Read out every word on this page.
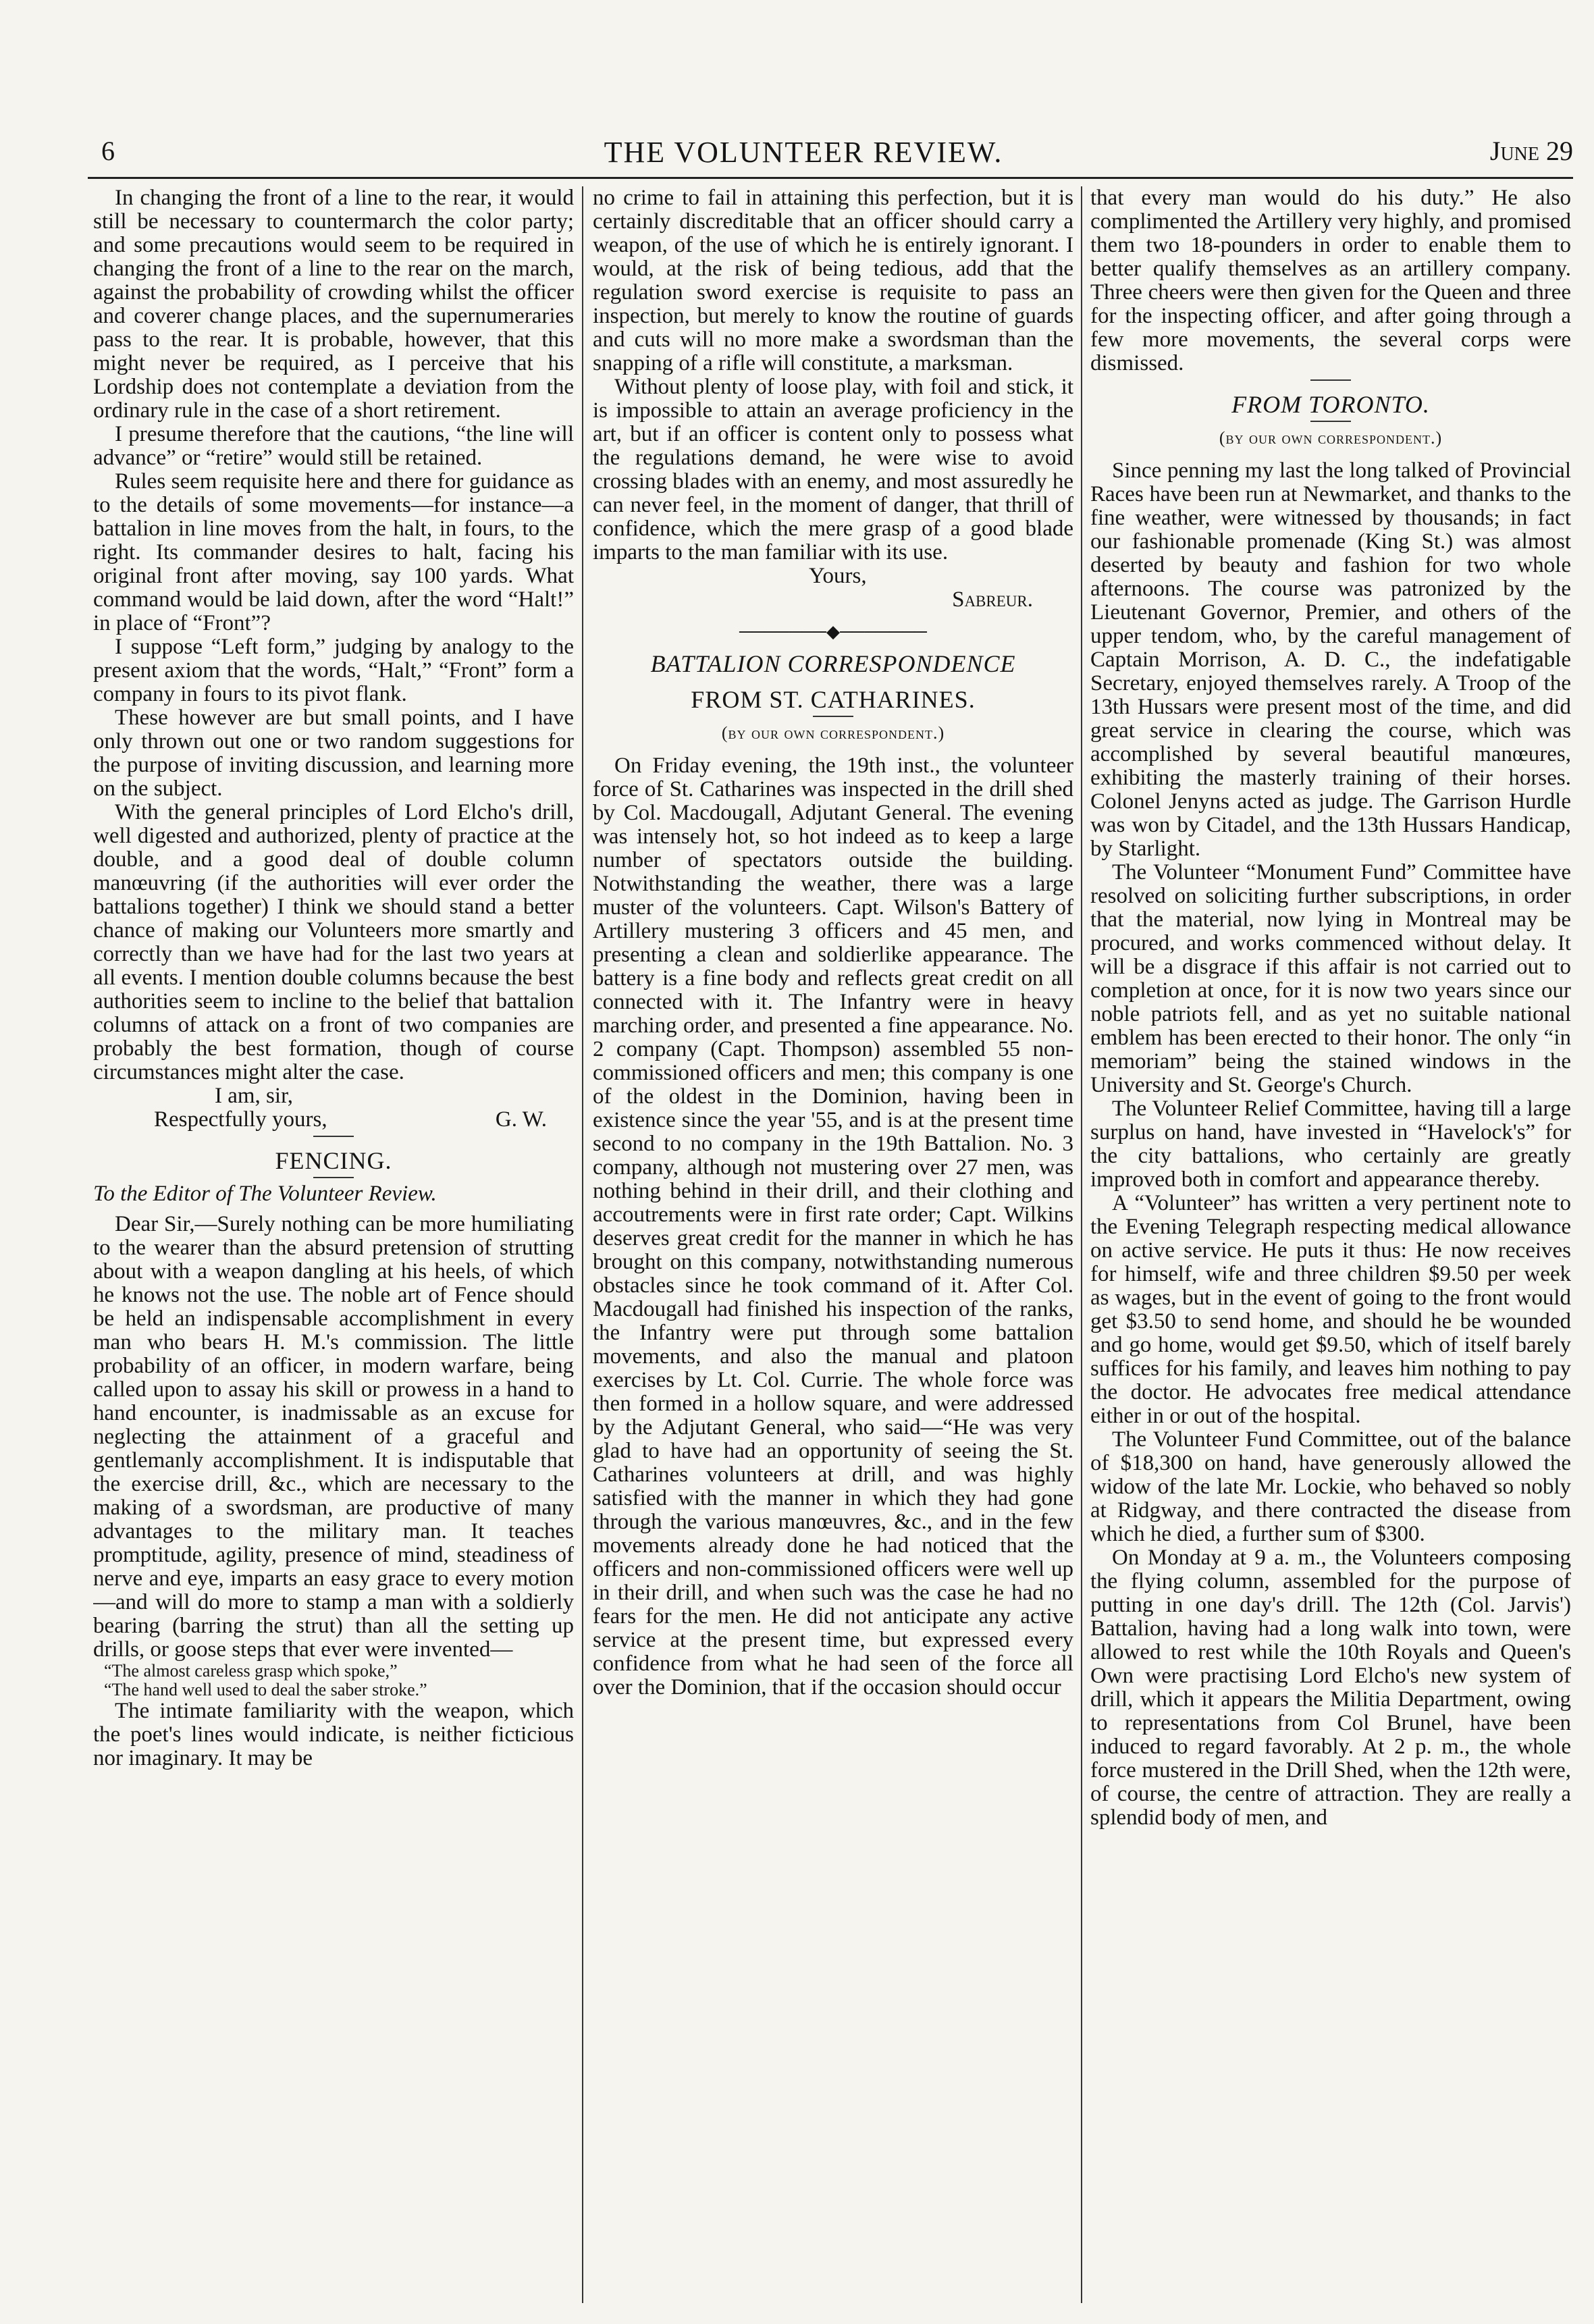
6	THE VOLUNTEER REVIEW.	June 29

In changing the front of a line to the rear, it would still be necessary to countermarch the color party; and some precautions would seem to be required in changing the front of a line to the rear on the march, against the probability of crowding whilst the officer and coverer change places, and the supernumeraries pass to the rear. It is probable, however, that this might never be required, as I perceive that his Lordship does not contemplate a deviation from the ordinary rule in the case of a short retirement.

I presume therefore that the cautions, “the line will advance” or “retire” would still be retained.

Rules seem requisite here and there for guidance as to the details of some movements—for instance—a battalion in line moves from the halt, in fours, to the right. Its commander desires to halt, facing his original front after moving, say 100 yards. What command would be laid down, after the word “Halt!” in place of “Front”?

I suppose “Left form,” judging by analogy to the present axiom that the words, “Halt,” “Front” form a company in fours to its pivot flank.

These however are but small points, and I have only thrown out one or two random suggestions for the purpose of inviting discussion, and learning more on the subject.

With the general principles of Lord Elcho's drill, well digested and authorized, plenty of practice at the double, and a good deal of double column manœuvring (if the authorities will ever order the battalions together) I think we should stand a better chance of making our Volunteers more smartly and correctly than we have had for the last two years at all events. I mention double columns because the best authorities seem to incline to the belief that battalion columns of attack on a front of two companies are probably the best formation, though of course circumstances might alter the case.

I am, sir,

Respectfully yours,	G. W.
FENCING.

To the Editor of The Volunteer Review.

Dear Sir,—Surely nothing can be more humiliating to the wearer than the absurd pretension of strutting about with a weapon dangling at his heels, of which he knows not the use. The noble art of Fence should be held an indispensable accomplishment in every man who bears H. M.'s commission. The little probability of an officer, in modern warfare, being called upon to assay his skill or prowess in a hand to hand encounter, is inadmissable as an excuse for neglecting the attainment of a graceful and gentlemanly accomplishment. It is indisputable that the exercise drill, &c., which are necessary to the making of a swordsman, are productive of many advantages to the military man. It teaches promptitude, agility, presence of mind, steadiness of nerve and eye, imparts an easy grace to every motion—and will do more to stamp a man with a soldierly bearing (barring the strut) than all the setting up drills, or goose steps that ever were invented—

“The almost careless grasp which spoke,”

“The hand well used to deal the saber stroke.”

The intimate familiarity with the weapon, which the poet's lines would indicate, is neither ficticious nor imaginary. It may be

no crime to fail in attaining this perfection, but it is certainly discreditable that an officer should carry a weapon, of the use of which he is entirely ignorant. I would, at the risk of being tedious, add that the regulation sword exercise is requisite to pass an inspection, but merely to know the routine of guards and cuts will no more make a swordsman than the snapping of a rifle will constitute, a marksman.

Without plenty of loose play, with foil and stick, it is impossible to attain an average proficiency in the art, but if an officer is content only to possess what the regulations demand, he were wise to avoid crossing blades with an enemy, and most assuredly he can never feel, in the moment of danger, that thrill of confidence, which the mere grasp of a good blade imparts to the man familiar with its use.

Yours,

Sabreur.

───────◆───────
BATTALION CORRESPONDENCE
FROM ST. CATHARINES.
(by our own correspondent.)

On Friday evening, the 19th inst., the volunteer force of St. Catharines was inspected in the drill shed by Col. Macdougall, Adjutant General. The evening was intensely hot, so hot indeed as to keep a large number of spectators outside the building. Notwithstanding the weather, there was a large muster of the volunteers. Capt. Wilson's Battery of Artillery mustering 3 officers and 45 men, and presenting a clean and soldierlike appearance. The battery is a fine body and reflects great credit on all connected with it. The Infantry were in heavy marching order, and presented a fine appearance. No. 2 company (Capt. Thompson) assembled 55 non-commissioned officers and men; this company is one of the oldest in the Dominion, having been in existence since the year '55, and is at the present time second to no company in the 19th Battalion. No. 3 company, although not mustering over 27 men, was nothing behind in their drill, and their clothing and accoutrements were in first rate order; Capt. Wilkins deserves great credit for the manner in which he has brought on this company, notwithstanding numerous obstacles since he took command of it. After Col. Macdougall had finished his inspection of the ranks, the Infantry were put through some battalion movements, and also the manual and platoon exercises by Lt. Col. Currie. The whole force was then formed in a hollow square, and were addressed by the Adjutant General, who said—“He was very glad to have had an opportunity of seeing the St. Catharines volunteers at drill, and was highly satisfied with the manner in which they had gone through the various manœuvres, &c., and in the few movements already done he had noticed that the officers and non-commissioned officers were well up in their drill, and when such was the case he had no fears for the men. He did not anticipate any active service at the present time, but expressed every confidence from what he had seen of the force all over the Dominion, that if the occasion should occur

that every man would do his duty.” He also complimented the Artillery very highly, and promised them two 18-pounders in order to enable them to better qualify themselves as an artillery company. Three cheers were then given for the Queen and three for the inspecting officer, and after going through a few more movements, the several corps were dismissed.

FROM TORONTO.
(by our own correspondent.)

Since penning my last the long talked of Provincial Races have been run at Newmarket, and thanks to the fine weather, were witnessed by thousands; in fact our fashionable promenade (King St.) was almost deserted by beauty and fashion for two whole afternoons. The course was patronized by the Lieutenant Governor, Premier, and others of the upper tendom, who, by the careful management of Captain Morrison, A. D. C., the indefatigable Secretary, enjoyed themselves rarely. A Troop of the 13th Hussars were present most of the time, and did great service in clearing the course, which was accomplished by several beautiful manœures, exhibiting the masterly training of their horses. Colonel Jenyns acted as judge. The Garrison Hurdle was won by Citadel, and the 13th Hussars Handicap, by Starlight.

The Volunteer “Monument Fund” Committee have resolved on soliciting further subscriptions, in order that the material, now lying in Montreal may be procured, and works commenced without delay. It will be a disgrace if this affair is not carried out to completion at once, for it is now two years since our noble patriots fell, and as yet no suitable national emblem has been erected to their honor. The only “in memoriam” being the stained windows in the University and St. George's Church.

The Volunteer Relief Committee, having till a large surplus on hand, have invested in “Havelock's” for the city battalions, who certainly are greatly improved both in comfort and appearance thereby.

A “Volunteer” has written a very pertinent note to the Evening Telegraph respecting medical allowance on active service. He puts it thus: He now receives for himself, wife and three children $9.50 per week as wages, but in the event of going to the front would get $3.50 to send home, and should he be wounded and go home, would get $9.50, which of itself barely suffices for his family, and leaves him nothing to pay the doctor. He advocates free medical attendance either in or out of the hospital.

The Volunteer Fund Committee, out of the balance of $18,300 on hand, have generously allowed the widow of the late Mr. Lockie, who behaved so nobly at Ridgway, and there contracted the disease from which he died, a further sum of $300.

On Monday at 9 a. m., the Volunteers composing the flying column, assembled for the purpose of putting in one day's drill. The 12th (Col. Jarvis') Battalion, having had a long walk into town, were allowed to rest while the 10th Royals and Queen's Own were practising Lord Elcho's new system of drill, which it appears the Militia Department, owing to representations from Col Brunel, have been induced to regard favorably. At 2 p. m., the whole force mustered in the Drill Shed, when the 12th were, of course, the centre of attraction. They are really a splendid body of men, and
